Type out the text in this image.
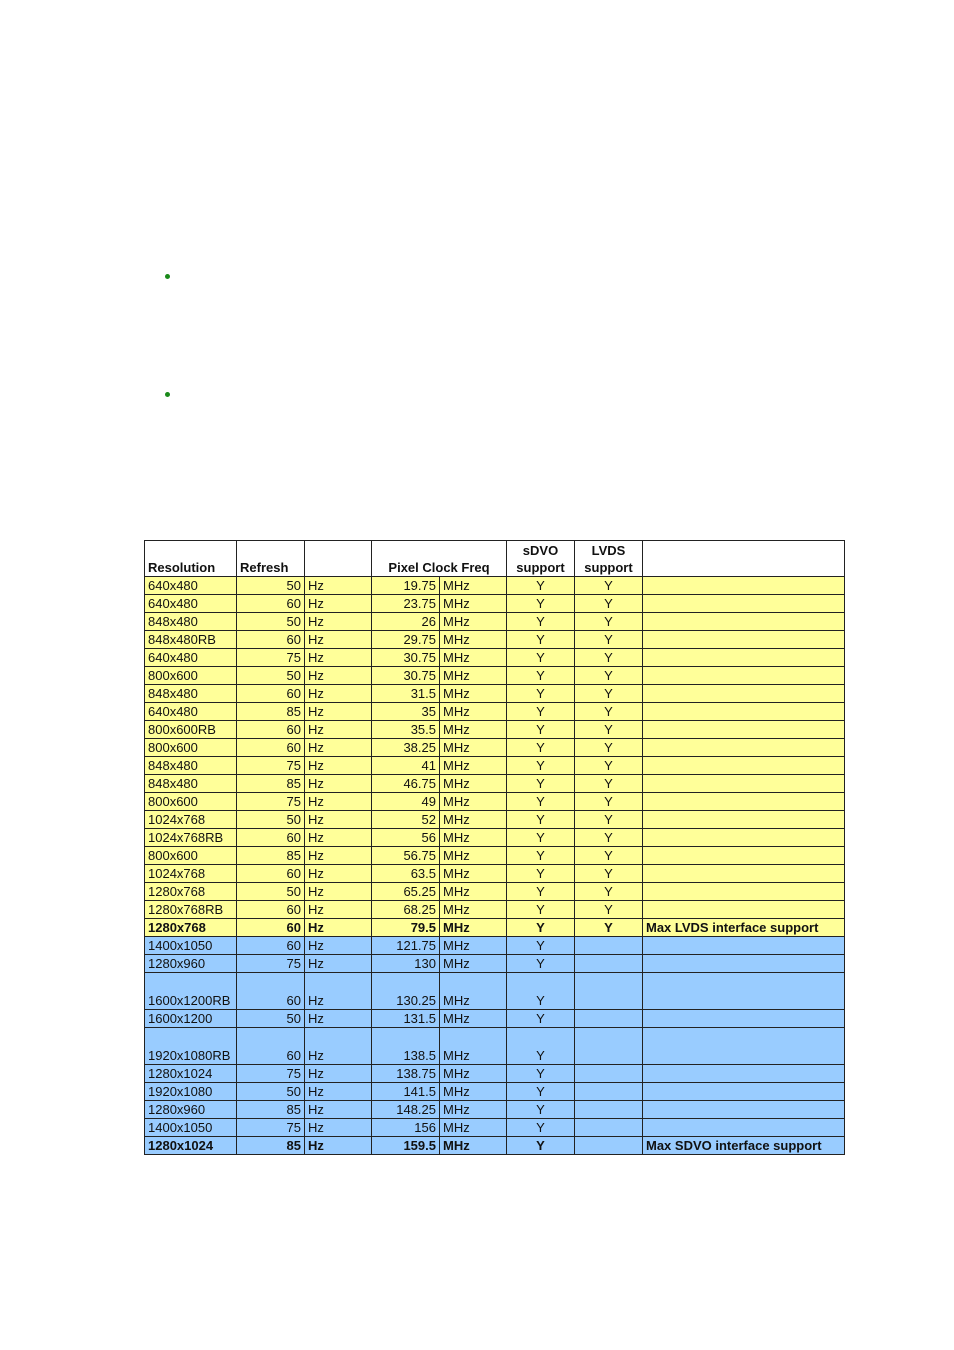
Resolution	Refresh		Pixel Clock Freq		sDVO
support	LVDS
support	

640x480	50	Hz	19.75	MHz	Y	Y	
640x480	60	Hz	23.75	MHz	Y	Y	
848x480	50	Hz	26	MHz	Y	Y	
848x480RB	60	Hz	29.75	MHz	Y	Y	
640x480	75	Hz	30.75	MHz	Y	Y	
800x600	50	Hz	30.75	MHz	Y	Y	
848x480	60	Hz	31.5	MHz	Y	Y	
640x480	85	Hz	35	MHz	Y	Y	
800x600RB	60	Hz	35.5	MHz	Y	Y	
800x600	60	Hz	38.25	MHz	Y	Y	
848x480	75	Hz	41	MHz	Y	Y	
848x480	85	Hz	46.75	MHz	Y	Y	
800x600	75	Hz	49	MHz	Y	Y	
1024x768	50	Hz	52	MHz	Y	Y	
1024x768RB	60	Hz	56	MHz	Y	Y	
800x600	85	Hz	56.75	MHz	Y	Y	
1024x768	60	Hz	63.5	MHz	Y	Y	
1280x768	50	Hz	65.25	MHz	Y	Y	
1280x768RB	60	Hz	68.25	MHz	Y	Y	
1280x768	60	Hz	79.5	MHz	Y	Y	Max LVDS interface support
1400x1050	60	Hz	121.75	MHz	Y		
1280x960	75	Hz	130	MHz	Y		
1600x1200RB	60	Hz	130.25	MHz	Y		
1600x1200	50	Hz	131.5	MHz	Y		
1920x1080RB	60	Hz	138.5	MHz	Y		
1280x1024	75	Hz	138.75	MHz	Y		
1920x1080	50	Hz	141.5	MHz	Y		
1280x960	85	Hz	148.25	MHz	Y		
1400x1050	75	Hz	156	MHz	Y		
1280x1024	85	Hz	159.5	MHz	Y		Max SDVO interface support
